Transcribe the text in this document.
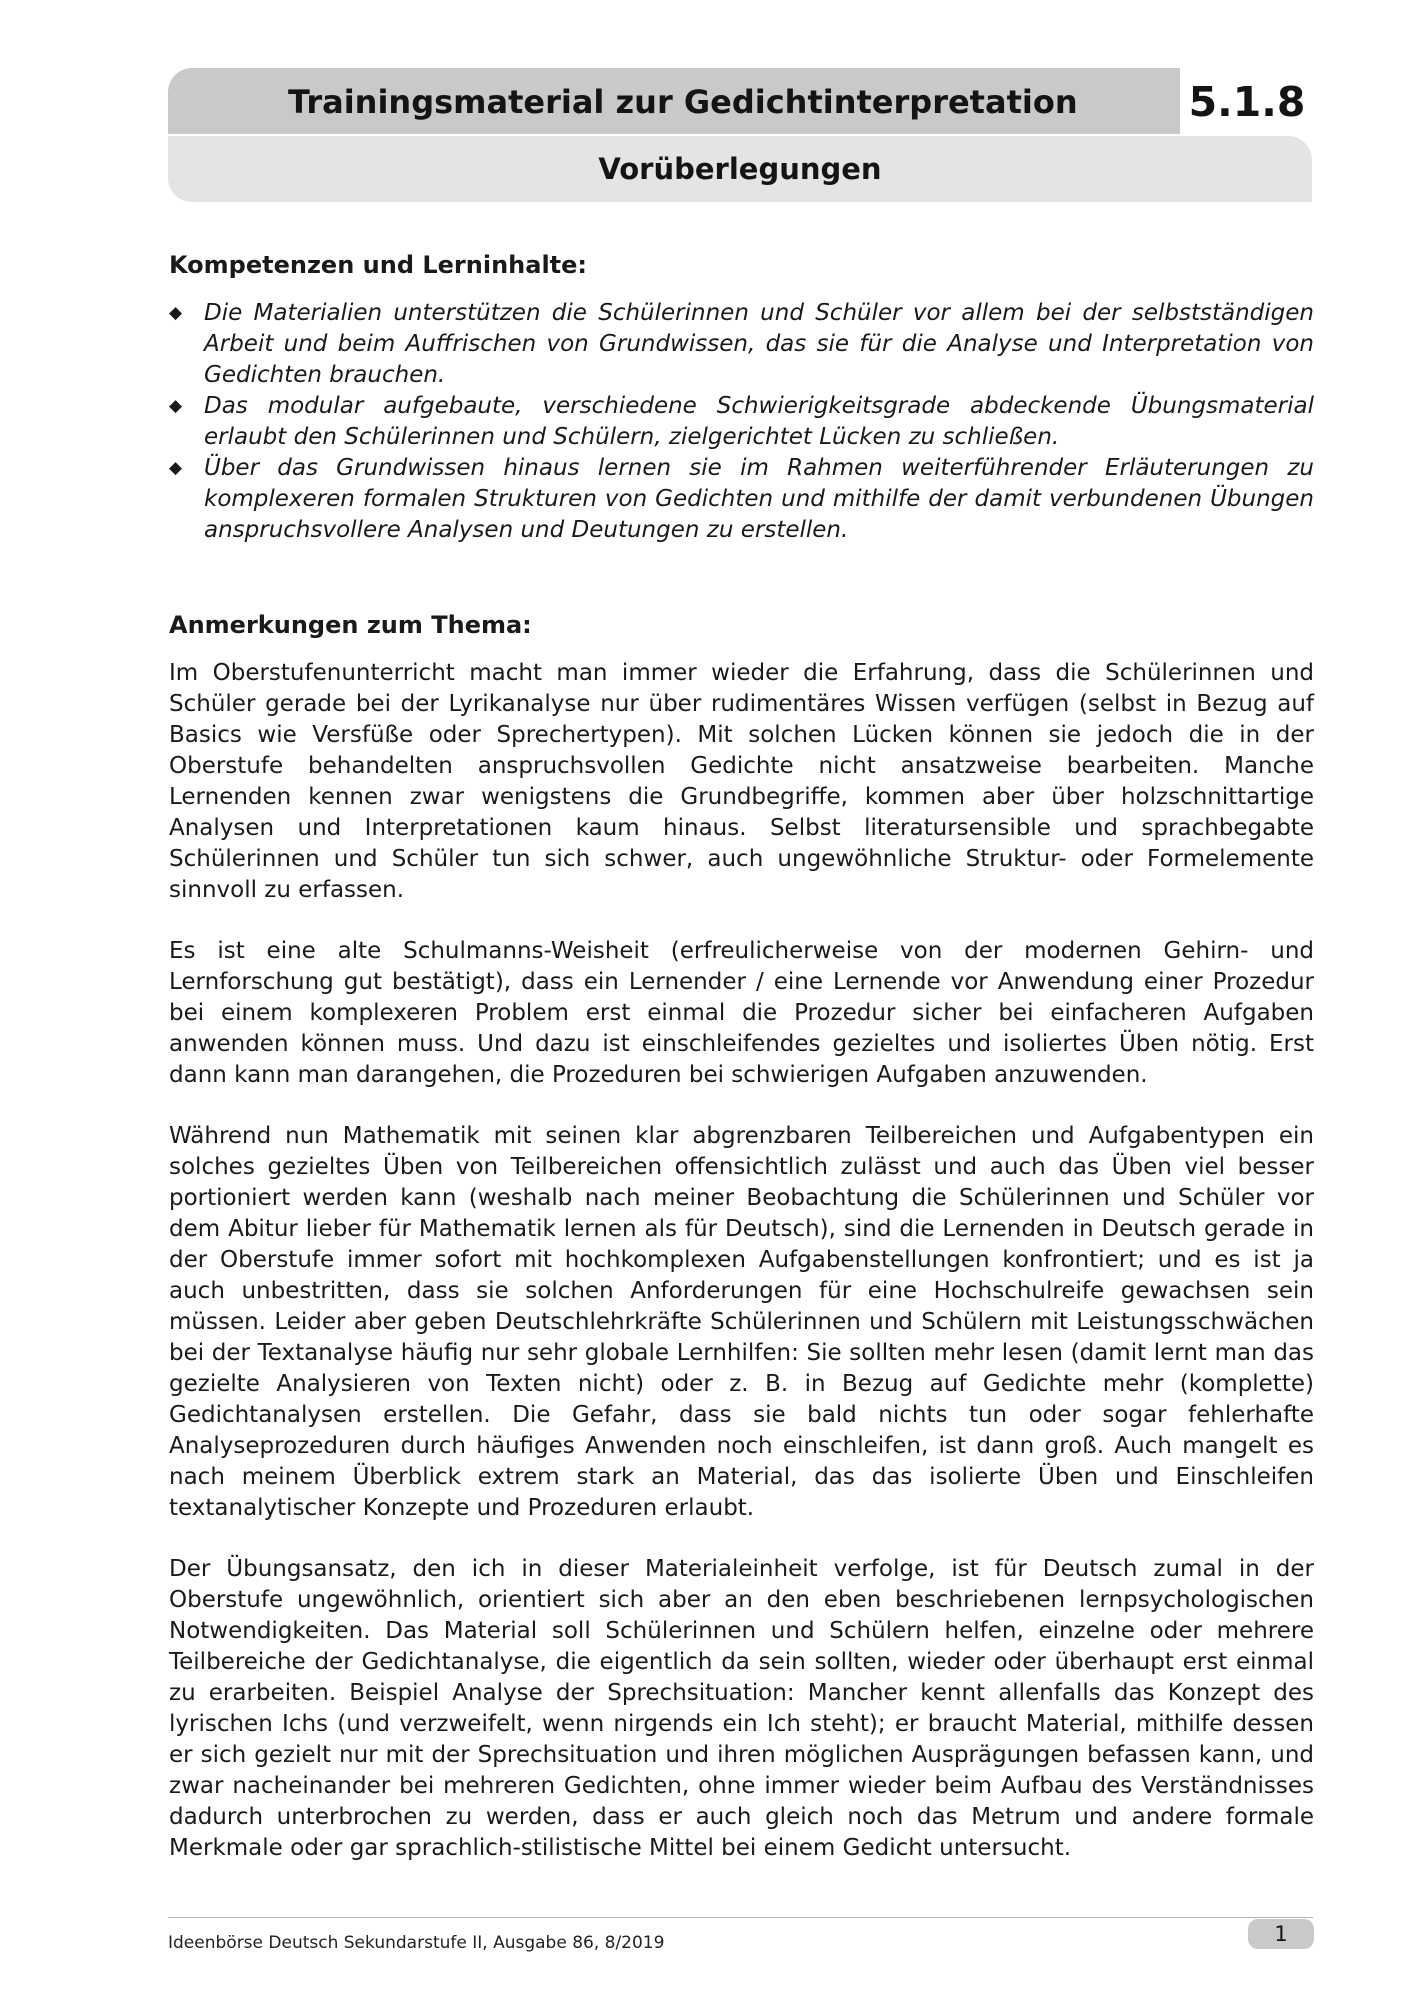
Trainingsmaterial zur Gedichtinterpretation	5.1.8
Vorüberlegungen
Kompetenzen und Lerninhalte:
◆ Die Materialien unterstützen die Schülerinnen und Schüler vor allem bei der selbstständigen Arbeit und beim Auffrischen von Grundwissen, das sie für die Analyse und Interpretation von Gedichten brauchen.
◆ Das modular aufgebaute, verschiedene Schwierigkeitsgrade abdeckende Übungsmaterial erlaubt den Schülerinnen und Schülern, zielgerichtet Lücken zu schließen.
◆ Über das Grundwissen hinaus lernen sie im Rahmen weiterführender Erläuterungen zu komplexeren formalen Strukturen von Gedichten und mithilfe der damit verbundenen Übungen anspruchsvollere Analysen und Deutungen zu erstellen.
Anmerkungen zum Thema:

Im Oberstufenunterricht macht man immer wieder die Erfahrung, dass die Schülerinnen und Schüler gerade bei der Lyrikanalyse nur über rudimentäres Wissen verfügen (selbst in Bezug auf Basics wie Versfüße oder Sprechertypen). Mit solchen Lücken können sie jedoch die in der Oberstufe behandelten anspruchsvollen Gedichte nicht ansatzweise bearbeiten. Manche Lernenden kennen zwar wenigstens die Grundbegriffe, kommen aber über holzschnittartige Analysen und Interpretationen kaum hinaus. Selbst literatursensible und sprachbegabte Schülerinnen und Schüler tun sich schwer, auch ungewöhnliche Struktur- oder Formelemente sinnvoll zu erfassen.

Es ist eine alte Schulmanns-Weisheit (erfreulicherweise von der modernen Gehirn- und Lernforschung gut bestätigt), dass ein Lernender / eine Lernende vor Anwendung einer Prozedur bei einem komplexeren Problem erst einmal die Prozedur sicher bei einfacheren Aufgaben anwenden können muss. Und dazu ist einschleifendes gezieltes und isoliertes Üben nötig. Erst dann kann man darangehen, die Prozeduren bei schwierigen Aufgaben anzuwenden.

Während nun Mathematik mit seinen klar abgrenzbaren Teilbereichen und Aufgabentypen ein solches gezieltes Üben von Teilbereichen offensichtlich zulässt und auch das Üben viel besser portioniert werden kann (weshalb nach meiner Beobachtung die Schülerinnen und Schüler vor dem Abitur lieber für Mathematik lernen als für Deutsch), sind die Lernenden in Deutsch gerade in der Oberstufe immer sofort mit hochkomplexen Aufgabenstellungen konfrontiert; und es ist ja auch unbestritten, dass sie solchen Anforderungen für eine Hochschulreife gewachsen sein müssen. Leider aber geben Deutschlehrkräfte Schülerinnen und Schülern mit Leistungsschwächen bei der Textanalyse häufig nur sehr globale Lernhilfen: Sie sollten mehr lesen (damit lernt man das gezielte Analysieren von Texten nicht) oder z. B. in Bezug auf Gedichte mehr (komplette) Gedichtanalysen erstellen. Die Gefahr, dass sie bald nichts tun oder sogar fehlerhafte Analyseprozeduren durch häufiges Anwenden noch einschleifen, ist dann groß. Auch mangelt es nach meinem Überblick extrem stark an Material, das das isolierte Üben und Einschleifen textanalytischer Konzepte und Prozeduren erlaubt.

Der Übungsansatz, den ich in dieser Materialeinheit verfolge, ist für Deutsch zumal in der Oberstufe ungewöhnlich, orientiert sich aber an den eben beschriebenen lernpsychologischen Notwendigkeiten. Das Material soll Schülerinnen und Schülern helfen, einzelne oder mehrere Teilbereiche der Gedichtanalyse, die eigentlich da sein sollten, wieder oder überhaupt erst einmal zu erarbeiten. Beispiel Analyse der Sprechsituation: Mancher kennt allenfalls das Konzept des lyrischen Ichs (und verzweifelt, wenn nirgends ein Ich steht); er braucht Material, mithilfe dessen er sich gezielt nur mit der Sprechsituation und ihren möglichen Ausprägungen befassen kann, und zwar nacheinander bei mehreren Gedichten, ohne immer wieder beim Aufbau des Verständnisses dadurch unterbrochen zu werden, dass er auch gleich noch das Metrum und andere formale Merkmale oder gar sprachlich-stilistische Mittel bei einem Gedicht untersucht.

Ideenbörse Deutsch Sekundarstufe II, Ausgabe 86, 8/2019	1
